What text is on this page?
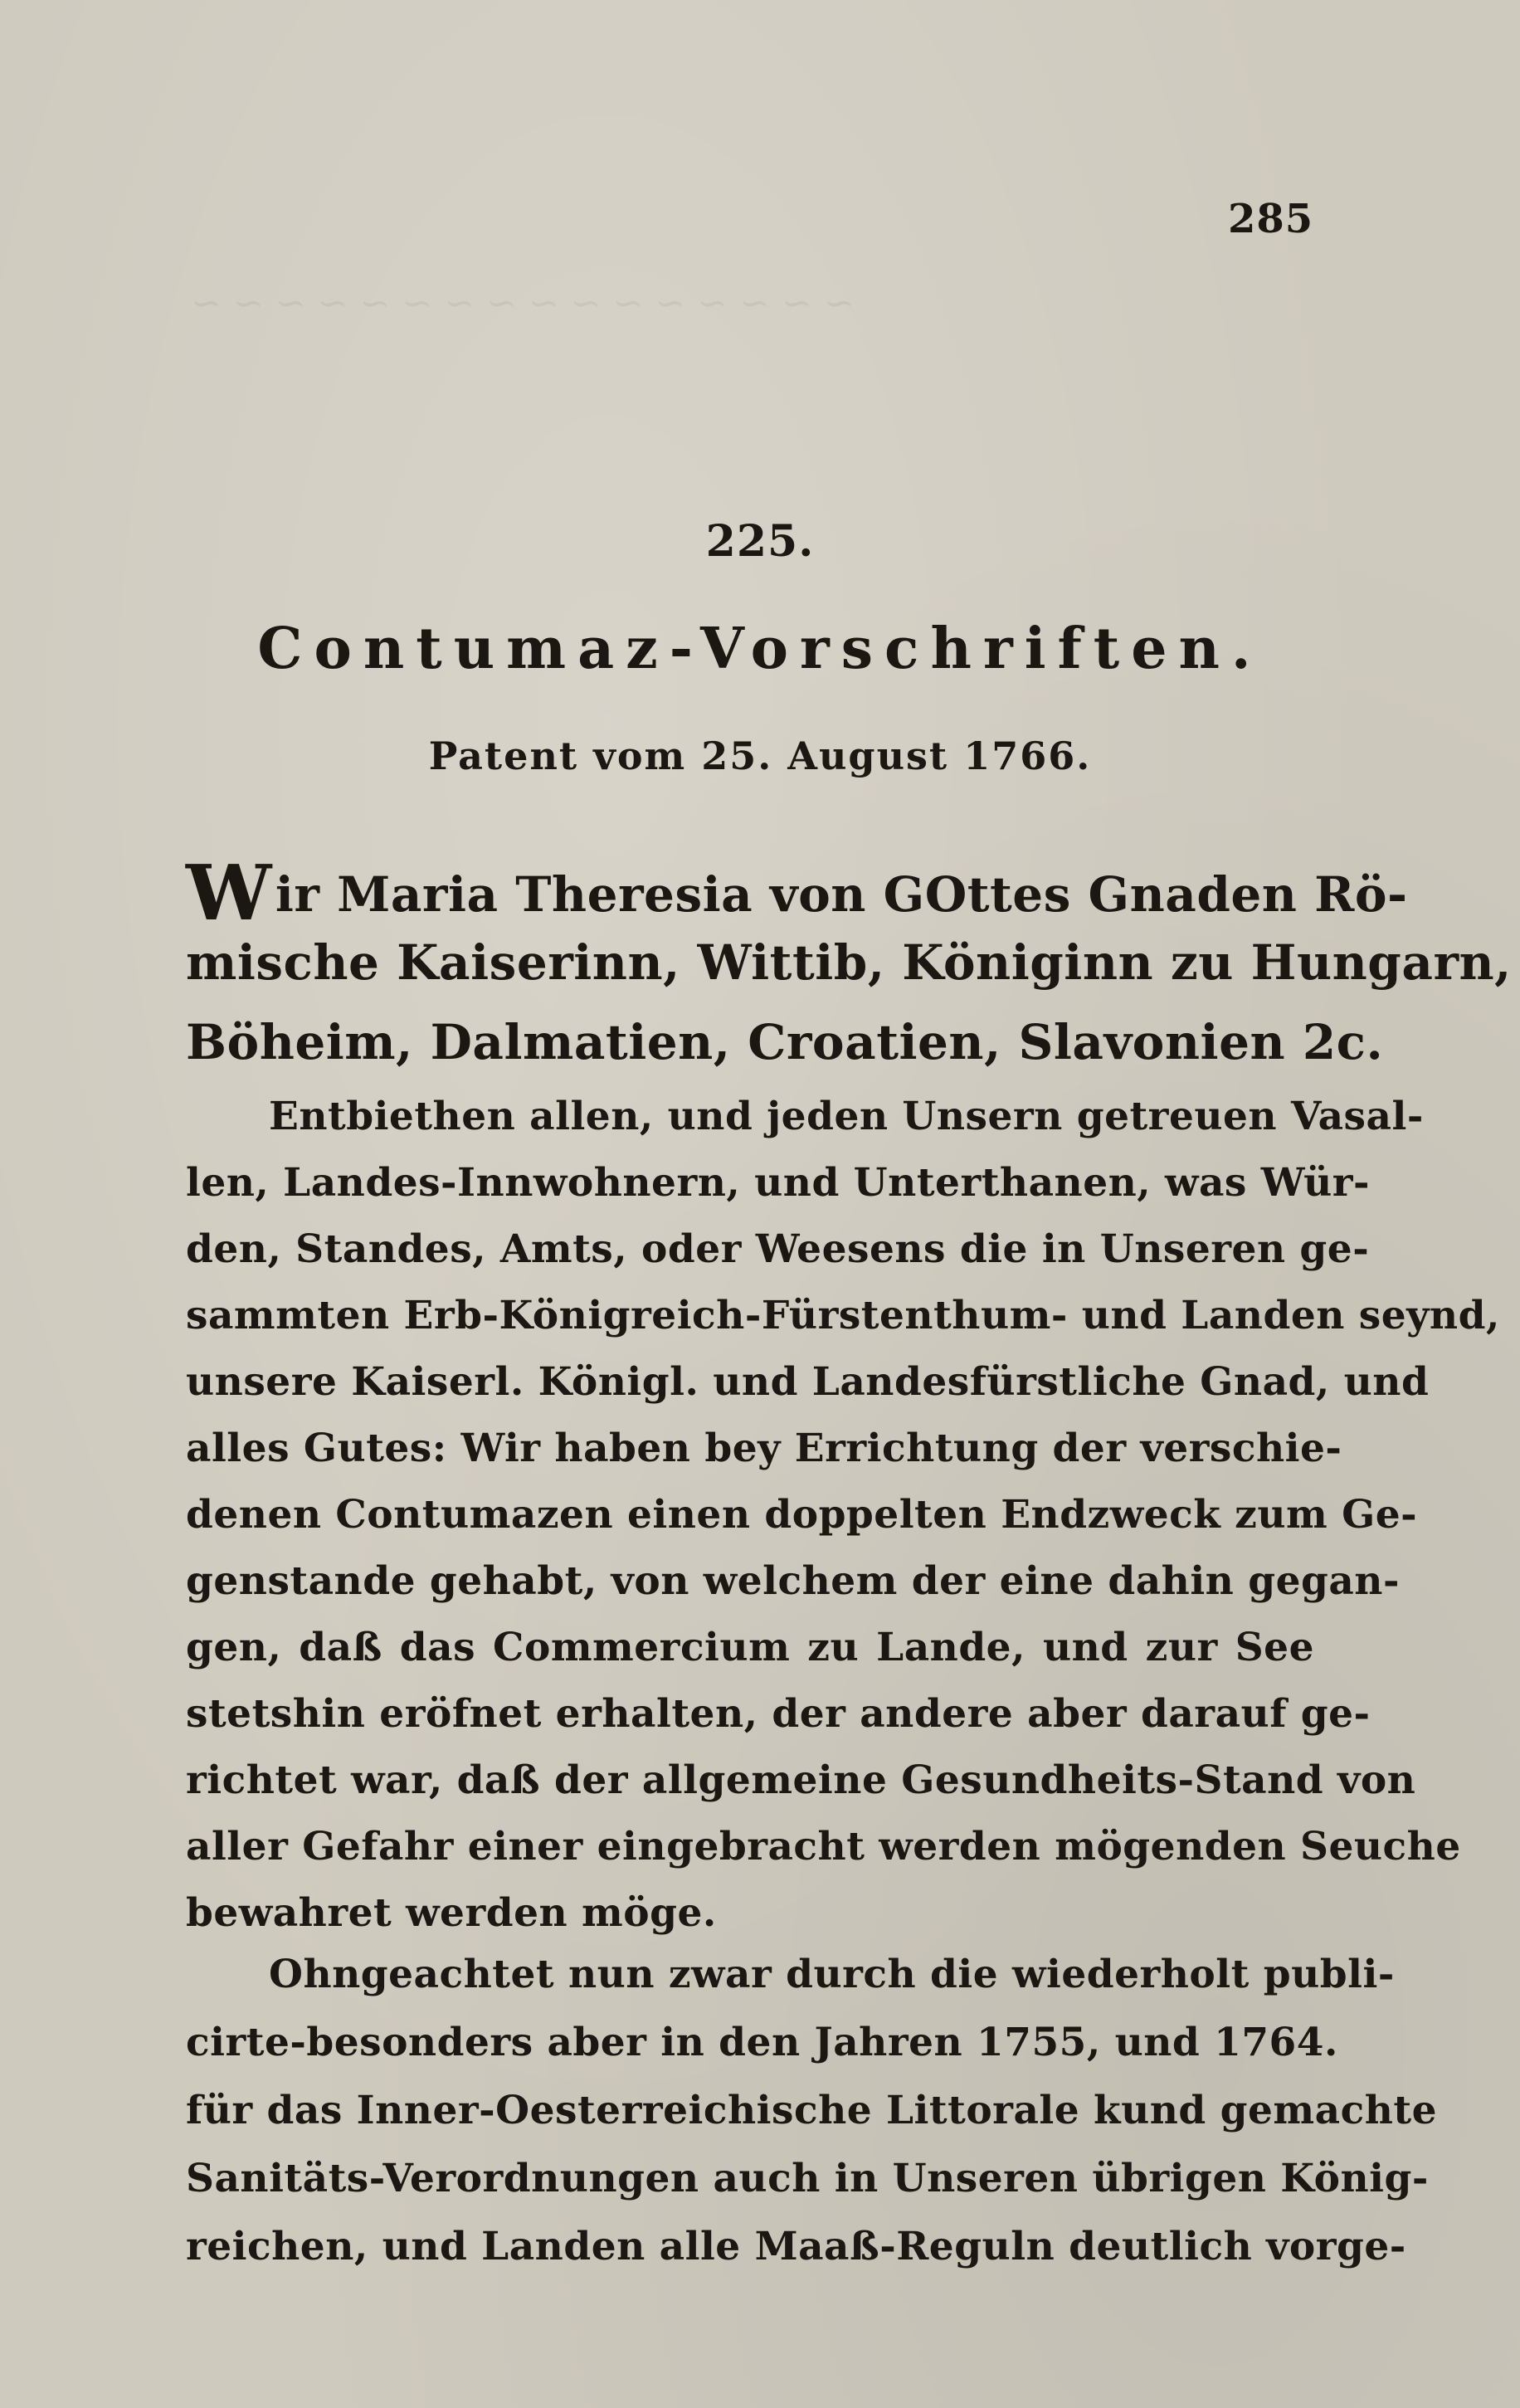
~ ~ ~ ~ ~ ~ ~ ~ ~ ~ ~ ~ ~ ~ ~ ~
285
225.
Contumaz-Vorschriften.
Patent vom 25. August 1766.
Wir Maria Theresia von GOttes Gnaden Rö-
mische Kaiserinn, Wittib, Königinn zu Hungarn,
Böheim, Dalmatien, Croatien, Slavonien 2c.
Entbiethen allen, und jeden Unsern getreuen Vasal-
len, Landes-Innwohnern, und Unterthanen, was Wür-
den, Standes, Amts, oder Weesens die in Unseren ge-
sammten Erb-Königreich-Fürstenthum- und Landen seynd,
unsere Kaiserl. Königl. und Landesfürstliche Gnad, und
alles Gutes: Wir haben bey Errichtung der verschie-
denen Contumazen einen doppelten Endzweck zum Ge-
genstande gehabt, von welchem der eine dahin gegan-
gen, daß das Commercium zu Lande, und zur See
stetshin eröfnet erhalten, der andere aber darauf ge-
richtet war, daß der allgemeine Gesundheits-Stand von
aller Gefahr einer eingebracht werden mögenden Seuche
bewahret werden möge.
Ohngeachtet nun zwar durch die wiederholt publi-
cirte-besonders aber in den Jahren 1755, und 1764.
für das Inner-Oesterreichische Littorale kund gemachte
Sanitäts-Verordnungen auch in Unseren übrigen König-
reichen, und Landen alle Maaß-Reguln deutlich vorge-
